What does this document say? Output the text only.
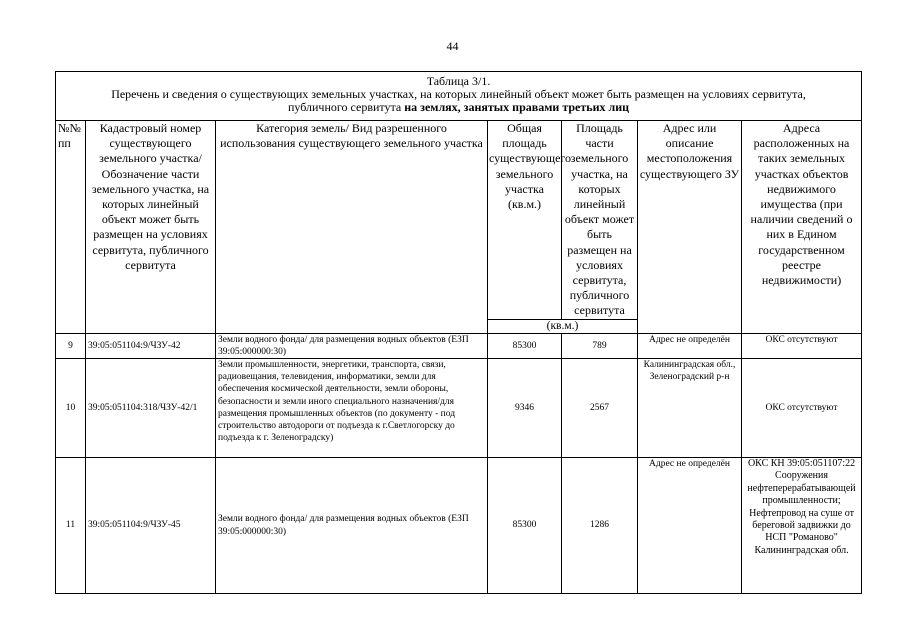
44
Таблица 3/1.
Перечень и сведения о существующих земельных участках, на которых линейный объект может быть размещен на условиях сервитута,
публичного сервитута на землях, занятых правами третьих лиц						

№№ пп	Кадастровый номер существующего земельного участка/ Обозначение части земельного участка, на которых линейный объект может быть размещен на условиях сервитута, публичного сервитута	Категория земель/ Вид разрешенного использования существующего земельного участка	Общая площадь существующего земельного участка (кв.м.)	Площадь части земельного участка, на которых линейный объект может быть размещен на условиях сервитута, публичного сервитута	Адрес или описание местоположения существующего ЗУ	Адреса расположенных на таких земельных участках объектов недвижимого имущества (при наличии сведений о них в Едином государственном реестре недвижимости)
			(кв.м.)			
9	39:05:051104:9/ЧЗУ-42	Земли водного фонда/ для размещения водных объектов (ЕЗП 39:05:000000:30)	85300	789	Адрес не определён	ОКС отсутствуют
10	39:05:051104:318/ЧЗУ-42/1	Земли промышленности, энергетики, транспорта, связи, радиовещания, телевидения, информатики, земли для обеспечения космической деятельности, земли обороны, безопасности и земли иного специального назначения/для размещения промышленных объектов (по документу - под строительство автодороги от подъезда к г.Светлогорску до подъезда к г. Зеленоградску)	9346	2567	Калининградская обл., Зеленоградский р-н	ОКС отсутствуют
11	39:05:051104:9/ЧЗУ-45	Земли водного фонда/ для размещения водных объектов (ЕЗП 39:05:000000:30)	85300	1286	Адрес не определён	ОКС КН 39:05:051107:22 Сооружения нефтеперерабатывающей промышленности; Нефтепровод на суше от береговой задвижки до НСП "Романово" Калининградская обл.
